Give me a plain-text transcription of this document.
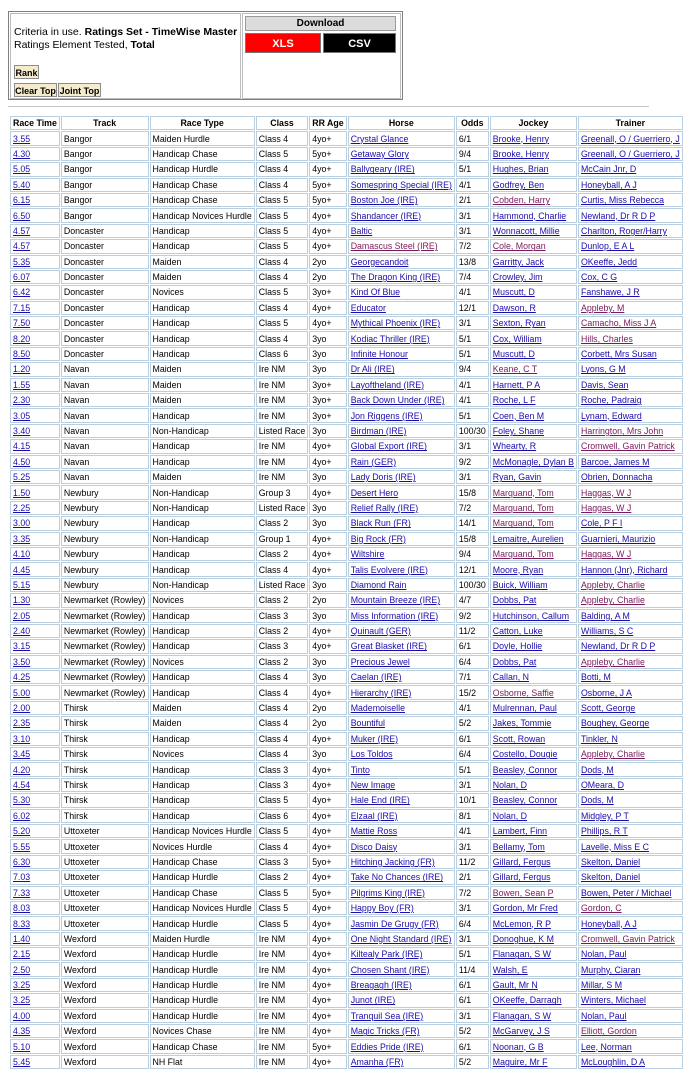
Criteria in use. Ratings Set - TimeWise Master
Ratings Element Tested, Total
Rank
Clear Top Joint Top
Download
XLS	CSV
Race Time	Track	Race Type	Class	RR Age	Horse	Odds	Jockey	Trainer
3.55	Bangor	Maiden Hurdle	Class 4	4yo+	Crystal Glance	6/1	Brooke, Henry	Greenall, O / Guerriero, J
4.30	Bangor	Handicap Chase	Class 5	5yo+	Getaway Glory	9/4	Brooke, Henry	Greenall, O / Guerriero, J
5.05	Bangor	Handicap Hurdle	Class 4	4yo+	Ballygeary (IRE)	5/1	Hughes, Brian	McCain Jnr, D
5.40	Bangor	Handicap Chase	Class 4	5yo+	Somespring Special (IRE)	4/1	Godfrey, Ben	Honeyball, A J
6.15	Bangor	Handicap Chase	Class 5	5yo+	Boston Joe (IRE)	2/1	Cobden, Harry	Curtis, Miss Rebecca
6.50	Bangor	Handicap Novices Hurdle	Class 5	4yo+	Shandancer (IRE)	3/1	Hammond, Charlie	Newland, Dr R D P
4.57	Doncaster	Handicap	Class 5	4yo+	Baltic	3/1	Wonnacott, Millie	Charlton, Roger/Harry
4.57	Doncaster	Handicap	Class 5	4yo+	Damascus Steel (IRE)	7/2	Cole, Morgan	Dunlop, E A L
5.35	Doncaster	Maiden	Class 4	2yo	Georgecandoit	13/8	Garritty, Jack	OKeeffe, Jedd
6.07	Doncaster	Maiden	Class 4	2yo	The Dragon King (IRE)	7/4	Crowley, Jim	Cox, C G
6.42	Doncaster	Novices	Class 5	3yo+	Kind Of Blue	4/1	Muscutt, D	Fanshawe, J R
7.15	Doncaster	Handicap	Class 4	4yo+	Educator	12/1	Dawson, R	Appleby, M
7.50	Doncaster	Handicap	Class 5	4yo+	Mythical Phoenix (IRE)	3/1	Sexton, Ryan	Camacho, Miss J A
8.20	Doncaster	Handicap	Class 4	3yo	Kodiac Thriller (IRE)	5/1	Cox, William	Hills, Charles
8.50	Doncaster	Handicap	Class 6	3yo	Infinite Honour	5/1	Muscutt, D	Corbett, Mrs Susan
1.20	Navan	Maiden	Ire NM	3yo	Dr Ali (IRE)	9/4	Keane, C T	Lyons, G M
1.55	Navan	Maiden	Ire NM	3yo+	Layoftheland (IRE)	4/1	Harnett, P A	Davis, Sean
2.30	Navan	Maiden	Ire NM	3yo+	Back Down Under (IRE)	4/1	Roche, L F	Roche, Padraig
3.05	Navan	Handicap	Ire NM	3yo+	Jon Riggens (IRE)	5/1	Coen, Ben M	Lynam, Edward
3.40	Navan	Non-Handicap	Listed Race	3yo	Birdman (IRE)	100/30	Foley, Shane	Harrington, Mrs John
4.15	Navan	Handicap	Ire NM	4yo+	Global Export (IRE)	3/1	Whearty, R	Cromwell, Gavin Patrick
4.50	Navan	Handicap	Ire NM	4yo+	Rain (GER)	9/2	McMonagle, Dylan B	Barcoe, James M
5.25	Navan	Maiden	Ire NM	3yo	Lady Doris (IRE)	3/1	Ryan, Gavin	Obrien, Donnacha
1.50	Newbury	Non-Handicap	Group 3	4yo+	Desert Hero	15/8	Marquand, Tom	Haggas, W J
2.25	Newbury	Non-Handicap	Listed Race	3yo	Relief Rally (IRE)	7/2	Marquand, Tom	Haggas, W J
3.00	Newbury	Handicap	Class 2	3yo	Black Run (FR)	14/1	Marquand, Tom	Cole, P F I
3.35	Newbury	Non-Handicap	Group 1	4yo+	Big Rock (FR)	15/8	Lemaitre, Aurelien	Guarnieri, Maurizio
4.10	Newbury	Handicap	Class 2	4yo+	Wiltshire	9/4	Marquand, Tom	Haggas, W J
4.45	Newbury	Handicap	Class 4	4yo+	Talis Evolvere (IRE)	12/1	Moore, Ryan	Hannon (Jnr), Richard
5.15	Newbury	Non-Handicap	Listed Race	3yo	Diamond Rain	100/30	Buick, William	Appleby, Charlie
1.30	Newmarket (Rowley)	Novices	Class 2	2yo	Mountain Breeze (IRE)	4/7	Dobbs, Pat	Appleby, Charlie
2.05	Newmarket (Rowley)	Handicap	Class 3	3yo	Miss Information (IRE)	9/2	Hutchinson, Callum	Balding, A M
2.40	Newmarket (Rowley)	Handicap	Class 2	4yo+	Quinault (GER)	11/2	Catton, Luke	Williams, S C
3.15	Newmarket (Rowley)	Handicap	Class 3	4yo+	Great Blasket (IRE)	6/1	Doyle, Hollie	Newland, Dr R D P
3.50	Newmarket (Rowley)	Novices	Class 2	3yo	Precious Jewel	6/4	Dobbs, Pat	Appleby, Charlie
4.25	Newmarket (Rowley)	Handicap	Class 4	3yo	Caelan (IRE)	7/1	Callan, N	Botti, M
5.00	Newmarket (Rowley)	Handicap	Class 4	4yo+	Hierarchy (IRE)	15/2	Osborne, Saffie	Osborne, J A
2.00	Thirsk	Maiden	Class 4	2yo	Mademoiselle	4/1	Mulrennan, Paul	Scott, George
2.35	Thirsk	Maiden	Class 4	2yo	Bountiful	5/2	Jakes, Tommie	Boughey, George
3.10	Thirsk	Handicap	Class 4	4yo+	Muker (IRE)	6/1	Scott, Rowan	Tinkler, N
3.45	Thirsk	Novices	Class 4	3yo	Los Toldos	6/4	Costello, Dougie	Appleby, Charlie
4.20	Thirsk	Handicap	Class 3	4yo+	Tinto	5/1	Beasley, Connor	Dods, M
4.54	Thirsk	Handicap	Class 3	4yo+	New Image	3/1	Nolan, D	OMeara, D
5.30	Thirsk	Handicap	Class 5	4yo+	Hale End (IRE)	10/1	Beasley, Connor	Dods, M
6.02	Thirsk	Handicap	Class 6	4yo+	Elzaal (IRE)	8/1	Nolan, D	Midgley, P T
5.20	Uttoxeter	Handicap Novices Hurdle	Class 5	4yo+	Mattie Ross	4/1	Lambert, Finn	Phillips, R T
5.55	Uttoxeter	Novices Hurdle	Class 4	4yo+	Disco Daisy	3/1	Bellamy, Tom	Lavelle, Miss E C
6.30	Uttoxeter	Handicap Chase	Class 3	5yo+	Hitching Jacking (FR)	11/2	Gillard, Fergus	Skelton, Daniel
7.03	Uttoxeter	Handicap Hurdle	Class 2	4yo+	Take No Chances (IRE)	2/1	Gillard, Fergus	Skelton, Daniel
7.33	Uttoxeter	Handicap Chase	Class 5	5yo+	Pilgrims King (IRE)	7/2	Bowen, Sean P	Bowen, Peter / Michael
8.03	Uttoxeter	Handicap Novices Hurdle	Class 5	4yo+	Happy Boy (FR)	3/1	Gordon, Mr Fred	Gordon, C
8.33	Uttoxeter	Handicap Hurdle	Class 5	4yo+	Jasmin De Grugy (FR)	6/4	McLemon, R P	Honeyball, A J
1.40	Wexford	Maiden Hurdle	Ire NM	4yo+	One Night Standard (IRE)	3/1	Donoghue, K M	Cromwell, Gavin Patrick
2.15	Wexford	Handicap Hurdle	Ire NM	4yo+	Kiltealy Park (IRE)	5/1	Flanagan, S W	Nolan, Paul
2.50	Wexford	Handicap Hurdle	Ire NM	4yo+	Chosen Shant (IRE)	11/4	Walsh, E	Murphy, Ciaran
3.25	Wexford	Handicap Hurdle	Ire NM	4yo+	Breagagh (IRE)	6/1	Gault, Mr N	Millar, S M
3.25	Wexford	Handicap Hurdle	Ire NM	4yo+	Junot (IRE)	6/1	OKeeffe, Darragh	Winters, Michael
4.00	Wexford	Handicap Hurdle	Ire NM	4yo+	Tranquil Sea (IRE)	3/1	Flanagan, S W	Nolan, Paul
4.35	Wexford	Novices Chase	Ire NM	4yo+	Magic Tricks (FR)	5/2	McGarvey, J S	Elliott, Gordon
5.10	Wexford	Handicap Chase	Ire NM	5yo+	Eddies Pride (IRE)	6/1	Noonan, G B	Lee, Norman
5.45	Wexford	NH Flat	Ire NM	4yo+	Amanha (FR)	5/2	Maguire, Mr F	McLoughlin, D A
